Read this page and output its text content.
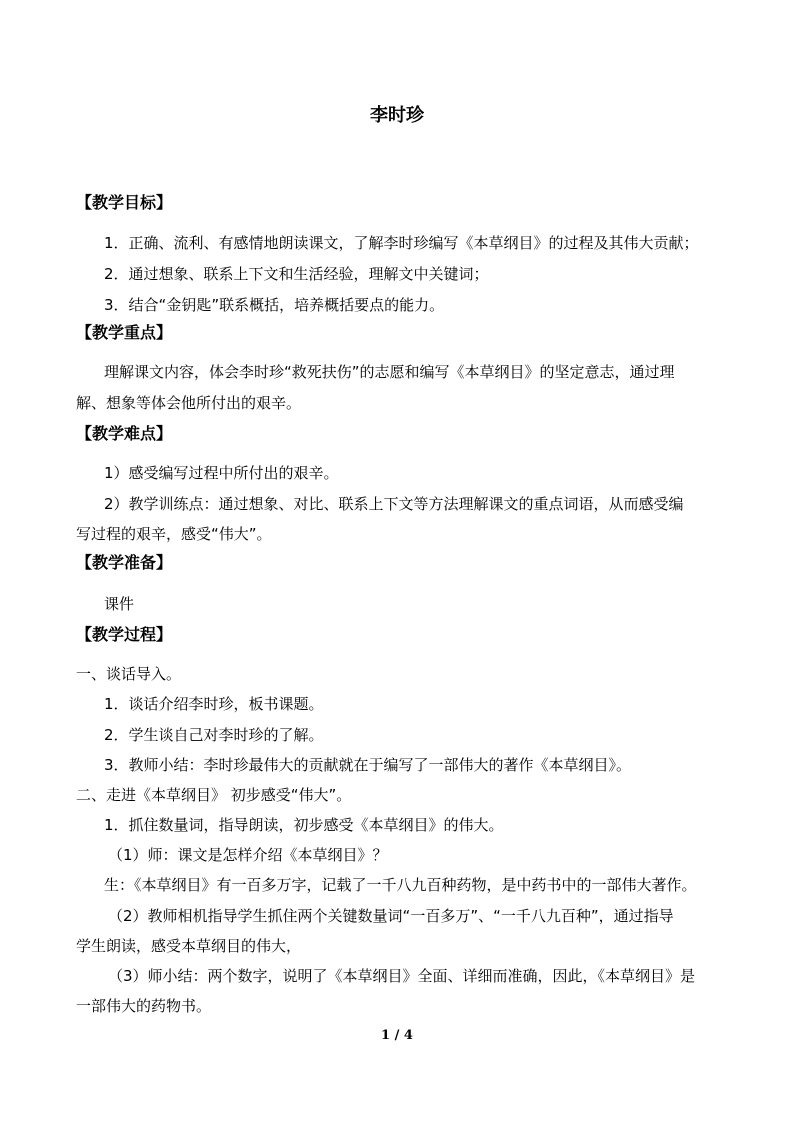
李时珍
【教学目标】
1．正确、流利、有感情地朗读课文，了解李时珍编写《本草纲目》的过程及其伟大贡献；
2．通过想象、联系上下文和生活经验，理解文中关键词；
3．结合“金钥匙”联系概括，培养概括要点的能力。
【教学重点】
理解课文内容，体会李时珍“救死扶伤”的志愿和编写《本草纲目》的坚定意志，通过理
解、想象等体会他所付出的艰辛。
【教学难点】
1）感受编写过程中所付出的艰辛。
2）教学训练点：通过想象、对比、联系上下文等方法理解课文的重点词语，从而感受编
写过程的艰辛，感受“伟大”。
【教学准备】
课件
【教学过程】
一、谈话导入。
1．谈话介绍李时珍，板书课题。
2．学生谈自己对李时珍的了解。
3．教师小结：李时珍最伟大的贡献就在于编写了一部伟大的著作《本草纲目》。
二、走进《本草纲目》 初步感受“伟大”。
1．抓住数量词，指导朗读，初步感受《本草纲目》的伟大。
（1）师：课文是怎样介绍《本草纲目》？
生：《本草纲目》有一百多万字，记载了一千八九百种药物，是中药书中的一部伟大著作。
（2）教师相机指导学生抓住两个关键数量词“一百多万”、“一千八九百种”，通过指导
学生朗读，感受本草纲目的伟大，
（3）师小结：两个数字，说明了《本草纲目》全面、详细而准确，因此，《本草纲目》是
一部伟大的药物书。
1 / 4
